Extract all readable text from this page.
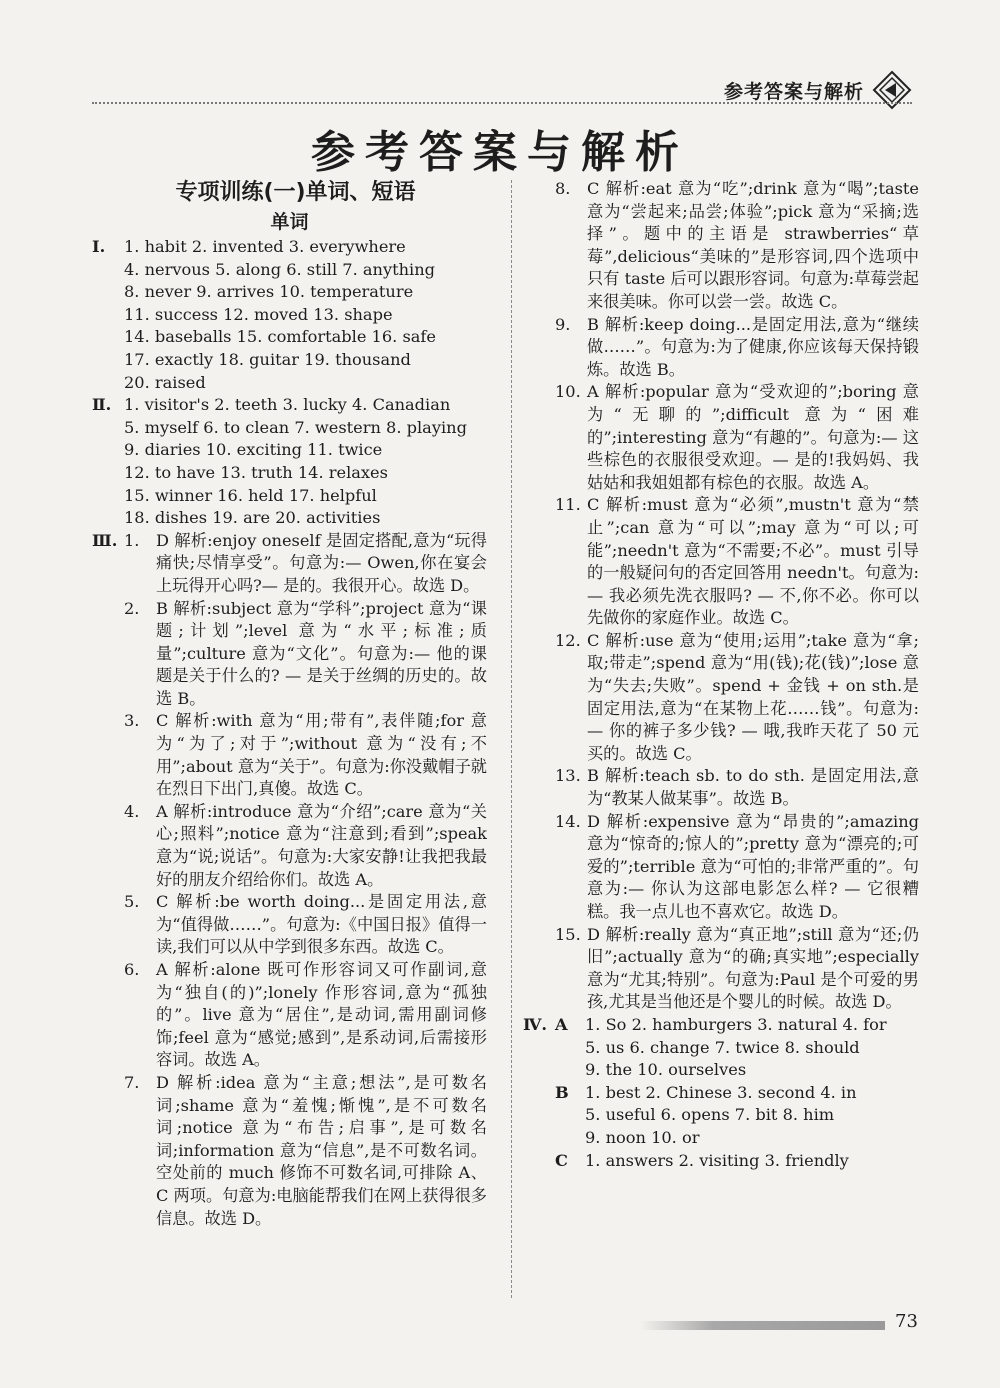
参考答案与解析
参考答案与解析
专项训练(一)单词、短语
单词
Ⅰ.	1. habit 2. invented 3. everywhere
4. nervous 5. along 6. still 7. anything
8. never 9. arrives 10. temperature
11. success 12. moved 13. shape
14. baseballs 15. comfortable 16. safe
17. exactly 18. guitar 19. thousand
20. raised
Ⅱ. 1. visitor's 2. teeth 3. lucky 4. Canadian
5. myself 6. to clean 7. western 8. playing
9. diaries 10. exciting 11. twice
12. to have 13. truth 14. relaxes
15. winner 16. held 17. helpful
18. dishes 19. are 20. activities
Ⅲ. 1.	D 解析:enjoy oneself 是固定搭配,意为“玩得痛快;尽情享受”。句意为:— Owen,你在宴会上玩得开心吗?— 是的。我很开心。故选 D。
2.	B 解析:subject 意为“学科”;project 意为“课题;计划”;level 意为“水平;标准;质量”;culture 意为“文化”。句意为:— 他的课题是关于什么的? — 是关于丝绸的历史的。故选 B。
3.	C 解析:with 意为“用;带有”,表伴随;for 意为“为了;对于”;without 意为“没有;不用”;about 意为“关于”。句意为:你没戴帽子就在烈日下出门,真傻。故选 C。
4.	A 解析:introduce 意为“介绍”;care 意为“关心;照料”;notice 意为“注意到;看到”;speak 意为“说;说话”。句意为:大家安静!让我把我最好的朋友介绍给你们。故选 A。
5.	C 解析:be worth doing...是固定用法,意为“值得做……”。句意为:《中国日报》值得一读,我们可以从中学到很多东西。故选 C。
6.	A 解析:alone 既可作形容词又可作副词,意为“独自(的)”;lonely 作形容词,意为“孤独的”。live 意为“居住”,是动词,需用副词修饰;feel 意为“感觉;感到”,是系动词,后需接形容词。故选 A。
7.	D 解析:idea 意为“主意;想法”,是可数名词;shame 意为“羞愧;惭愧”,是不可数名词;notice 意为“布告;启事”,是可数名词;information 意为“信息”,是不可数名词。空处前的 much 修饰不可数名词,可排除 A、C 两项。句意为:电脑能帮我们在网上获得很多信息。故选 D。
8.	C 解析:eat 意为“吃”;drink 意为“喝”;taste 意为“尝起来;品尝;体验”;pick 意为“采摘;选择”。题中的主语是 strawberries“草莓”,delicious“美味的”是形容词,四个选项中只有 taste 后可以跟形容词。句意为:草莓尝起来很美味。你可以尝一尝。故选 C。
9.	B 解析:keep doing...是固定用法,意为“继续做……”。句意为:为了健康,你应该每天保持锻炼。故选 B。
10. A 解析:popular 意为“受欢迎的”;boring 意为“无聊的”;difficult 意为“困难的”;interesting 意为“有趣的”。句意为:— 这些棕色的衣服很受欢迎。— 是的!我妈妈、我姑姑和我姐姐都有棕色的衣服。故选 A。
11. C 解析:must 意为“必须”,mustn't 意为“禁止”;can 意为“可以”;may 意为“可以;可能”;needn't 意为“不需要;不必”。must 引导的一般疑问句的否定回答用 needn't。句意为:— 我必须先洗衣服吗? — 不,你不必。你可以先做你的家庭作业。故选 C。
12. C 解析:use 意为“使用;运用”;take 意为“拿;取;带走”;spend 意为“用(钱);花(钱)”;lose 意为“失去;失败”。spend + 金钱 + on sth.是固定用法,意为“在某物上花……钱”。句意为:— 你的裤子多少钱? — 哦,我昨天花了 50 元买的。故选 C。
13. B 解析:teach sb. to do sth. 是固定用法,意为“教某人做某事”。故选 B。
14. D 解析:expensive 意为“昂贵的”;amazing 意为“惊奇的;惊人的”;pretty 意为“漂亮的;可爱的”;terrible 意为“可怕的;非常严重的”。句意为:— 你认为这部电影怎么样? — 它很糟糕。我一点儿也不喜欢它。故选 D。
15. D 解析:really 意为“真正地”;still 意为“还;仍旧”;actually 意为“的确;真实地”;especially 意为“尤其;特别”。句意为:Paul 是个可爱的男孩,尤其是当他还是个婴儿的时候。故选 D。
Ⅳ. A	1. So 2. hamburgers 3. natural 4. for
5. us 6. change 7. twice 8. should
9. the 10. ourselves
B	1. best 2. Chinese 3. second 4. in
5. useful 6. opens 7. bit 8. him
9. noon 10. or
C	1. answers 2. visiting 3. friendly
73
